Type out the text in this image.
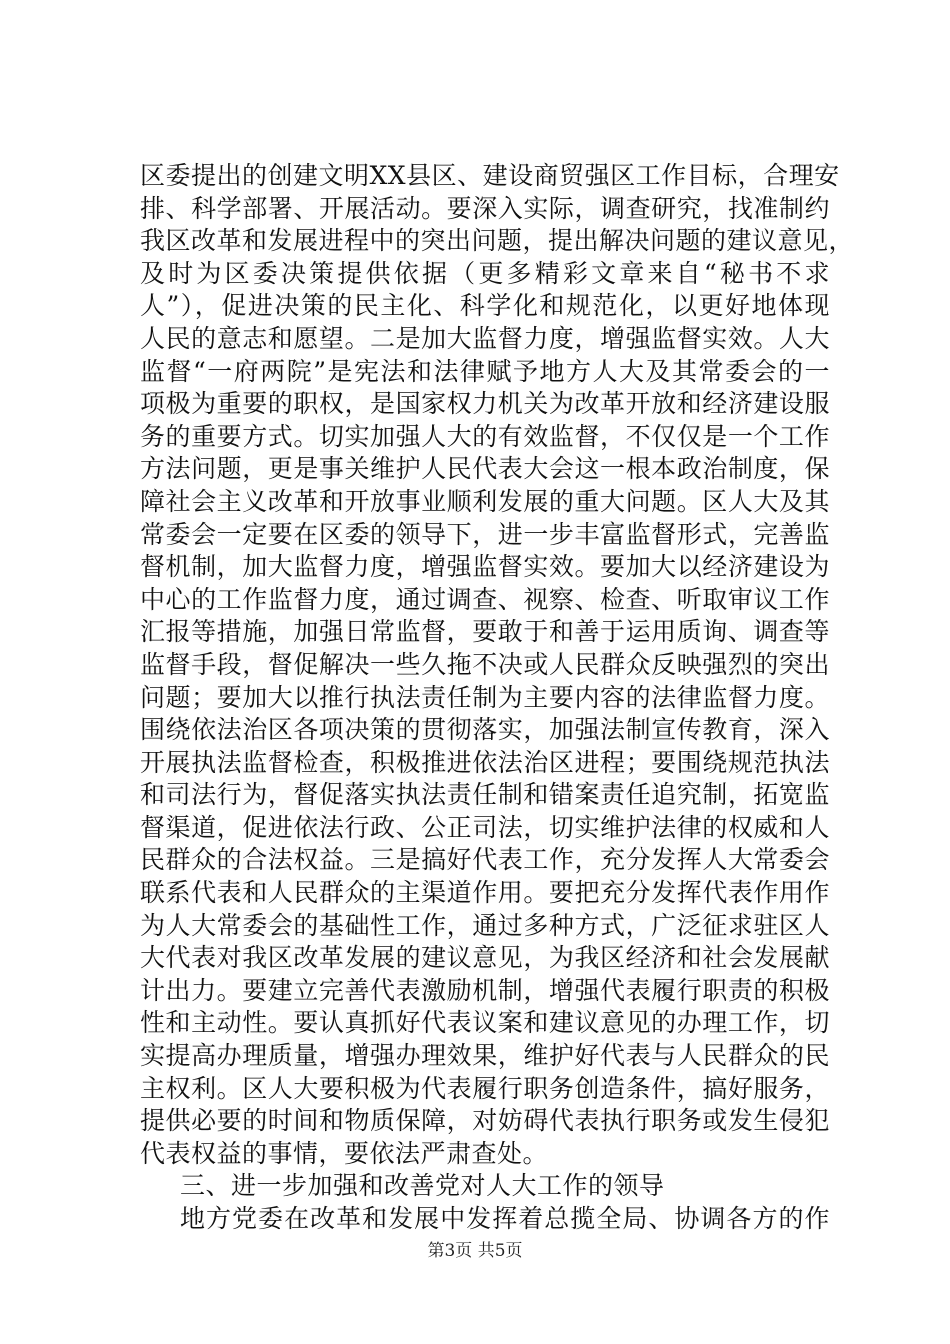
区委提出的创建文明XX县区、建设商贸强区工作目标，合理安
排、科学部署、开展活动。要深入实际，调查研究，找准制约
我区改革和发展进程中的突出问题，提出解决问题的建议意见，
及时为区委决策提供依据（更多精彩文章来自“秘书不求
人”），促进决策的民主化、科学化和规范化，以更好地体现
人民的意志和愿望。二是加大监督力度，增强监督实效。人大
监督“一府两院”是宪法和法律赋予地方人大及其常委会的一
项极为重要的职权，是国家权力机关为改革开放和经济建设服
务的重要方式。切实加强人大的有效监督，不仅仅是一个工作
方法问题，更是事关维护人民代表大会这一根本政治制度，保
障社会主义改革和开放事业顺利发展的重大问题。区人大及其
常委会一定要在区委的领导下，进一步丰富监督形式，完善监
督机制，加大监督力度，增强监督实效。要加大以经济建设为
中心的工作监督力度，通过调查、视察、检查、听取审议工作
汇报等措施，加强日常监督，要敢于和善于运用质询、调查等
监督手段，督促解决一些久拖不决或人民群众反映强烈的突出
问题；要加大以推行执法责任制为主要内容的法律监督力度。
围绕依法治区各项决策的贯彻落实，加强法制宣传教育，深入
开展执法监督检查，积极推进依法治区进程；要围绕规范执法
和司法行为，督促落实执法责任制和错案责任追究制，拓宽监
督渠道，促进依法行政、公正司法，切实维护法律的权威和人
民群众的合法权益。三是搞好代表工作，充分发挥人大常委会
联系代表和人民群众的主渠道作用。要把充分发挥代表作用作
为人大常委会的基础性工作，通过多种方式，广泛征求驻区人
大代表对我区改革发展的建议意见，为我区经济和社会发展献
计出力。要建立完善代表激励机制，增强代表履行职责的积极
性和主动性。要认真抓好代表议案和建议意见的办理工作，切
实提高办理质量，增强办理效果，维护好代表与人民群众的民
主权利。区人大要积极为代表履行职务创造条件，搞好服务，
提供必要的时间和物质保障，对妨碍代表执行职务或发生侵犯
代表权益的事情，要依法严肃查处。
三、进一步加强和改善党对人大工作的领导
地方党委在改革和发展中发挥着总揽全局、协调各方的作
第3页 共5页
